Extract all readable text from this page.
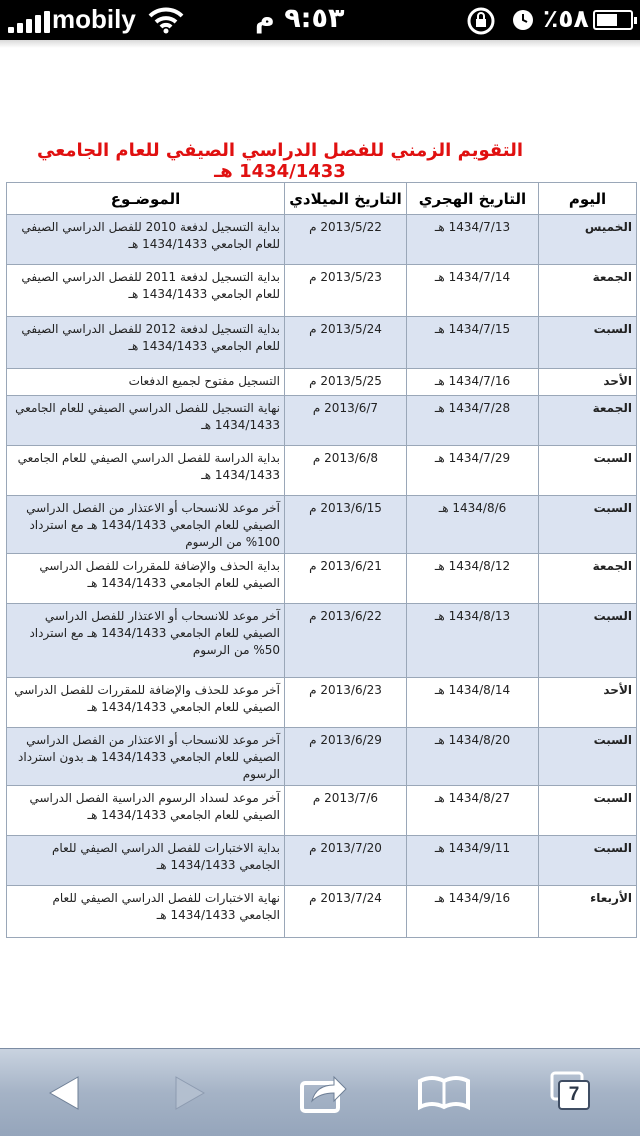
mobily	٩:٥٣ م	٪٥٨
التقويم الزمني للفصل الدراسي الصيفي للعام الجامعي 1434/1433 هـ
اليوم	التاريخ الهجري	التاريخ الميلادي	الموضـوع
الخميس	1434/7/13 هـ	2013/5/22 م	بداية التسجيل لدفعة 2010 للفصل الدراسي الصيفي للعام الجامعي 1434/1433 هـ
الجمعة	1434/7/14 هـ	2013/5/23 م	بداية التسجيل لدفعة 2011 للفصل الدراسي الصيفي للعام الجامعي 1434/1433 هـ
السبت	1434/7/15 هـ	2013/5/24 م	بداية التسجيل لدفعة 2012 للفصل الدراسي الصيفي للعام الجامعي 1434/1433 هـ
الأحد	1434/7/16 هـ	2013/5/25 م	التسجيل مفتوح لجميع الدفعات
الجمعة	1434/7/28 هـ	2013/6/7 م	نهاية التسجيل للفصل الدراسي الصيفي للعام الجامعي 1434/1433 هـ
السبت	1434/7/29 هـ	2013/6/8 م	بداية الدراسة للفصل الدراسي الصيفي للعام الجامعي 1434/1433 هـ
السبت	1434/8/6 هـ	2013/6/15 م	آخر موعد للانسحاب أو الاعتذار من الفصل الدراسي الصيفي للعام الجامعي 1434/1433 هـ مع استرداد 100% من الرسوم
الجمعة	1434/8/12 هـ	2013/6/21 م	بداية الحذف والإضافة للمقررات للفصل الدراسي الصيفي للعام الجامعي 1434/1433 هـ
السبت	1434/8/13 هـ	2013/6/22 م	آخر موعد للانسحاب أو الاعتذار للفصل الدراسي الصيفي للعام الجامعي 1434/1433 هـ مع استرداد 50% من الرسوم
الأحد	1434/8/14 هـ	2013/6/23 م	آخر موعد للحذف والإضافة للمقررات للفصل الدراسي الصيفي للعام الجامعي 1434/1433 هـ
السبت	1434/8/20 هـ	2013/6/29 م	آخر موعد للانسحاب أو الاعتذار من الفصل الدراسي الصيفي للعام الجامعي 1434/1433 هـ بدون استرداد الرسوم
السبت	1434/8/27 هـ	2013/7/6 م	آخر موعد لسداد الرسوم الدراسية الفصل الدراسي الصيفي للعام الجامعي 1434/1433 هـ
السبت	1434/9/11 هـ	2013/7/20 م	بداية الاختبارات للفصل الدراسي الصيفي للعام الجامعي 1434/1433 هـ
الأربعاء	1434/9/16 هـ	2013/7/24 م	نهاية الاختبارات للفصل الدراسي الصيفي للعام الجامعي 1434/1433 هـ
7
